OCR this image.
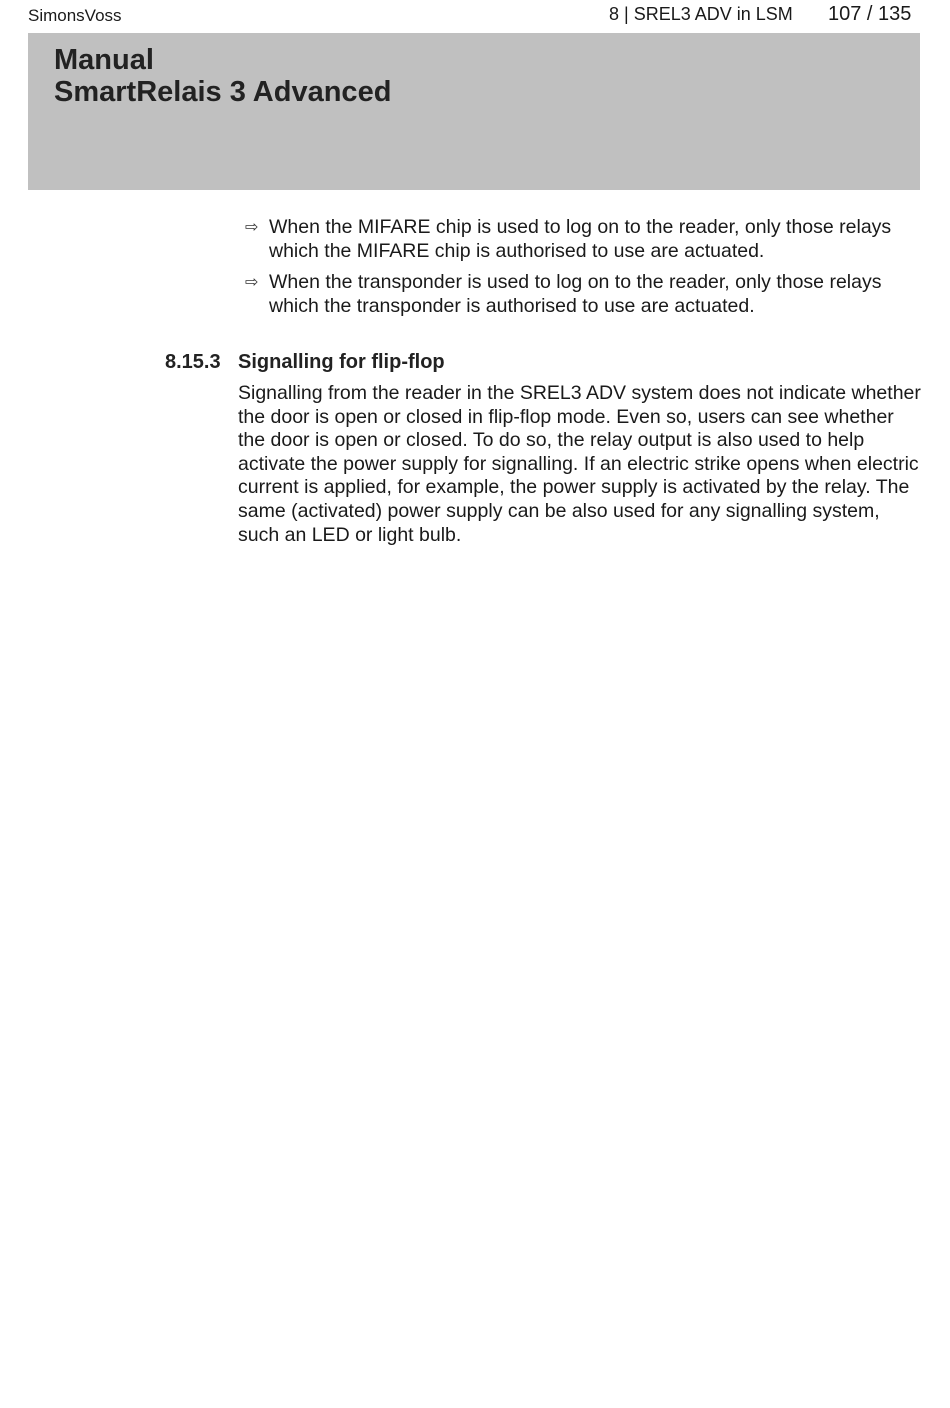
SimonsVoss	8 | SREL3 ADV in LSM 107 / 135
Manual
SmartRelais 3 Advanced
⇨ When the MIFARE chip is used to log on to the reader, only those relays which the MIFARE chip is authorised to use are actuated.
⇨ When the transponder is used to log on to the reader, only those relays which the transponder is authorised to use are actuated.
8.15.3 Signalling for flip-flop
Signalling from the reader in the SREL3 ADV system does not indicate whether the door is open or closed in flip-flop mode. Even so, users can see whether the door is open or closed. To do so, the relay output is also used to help activate the power supply for signalling. If an electric strike opens when electric current is applied, for example, the power supply is activated by the relay. The same (activated) power supply can be also used for any signalling system, such an LED or light bulb.
